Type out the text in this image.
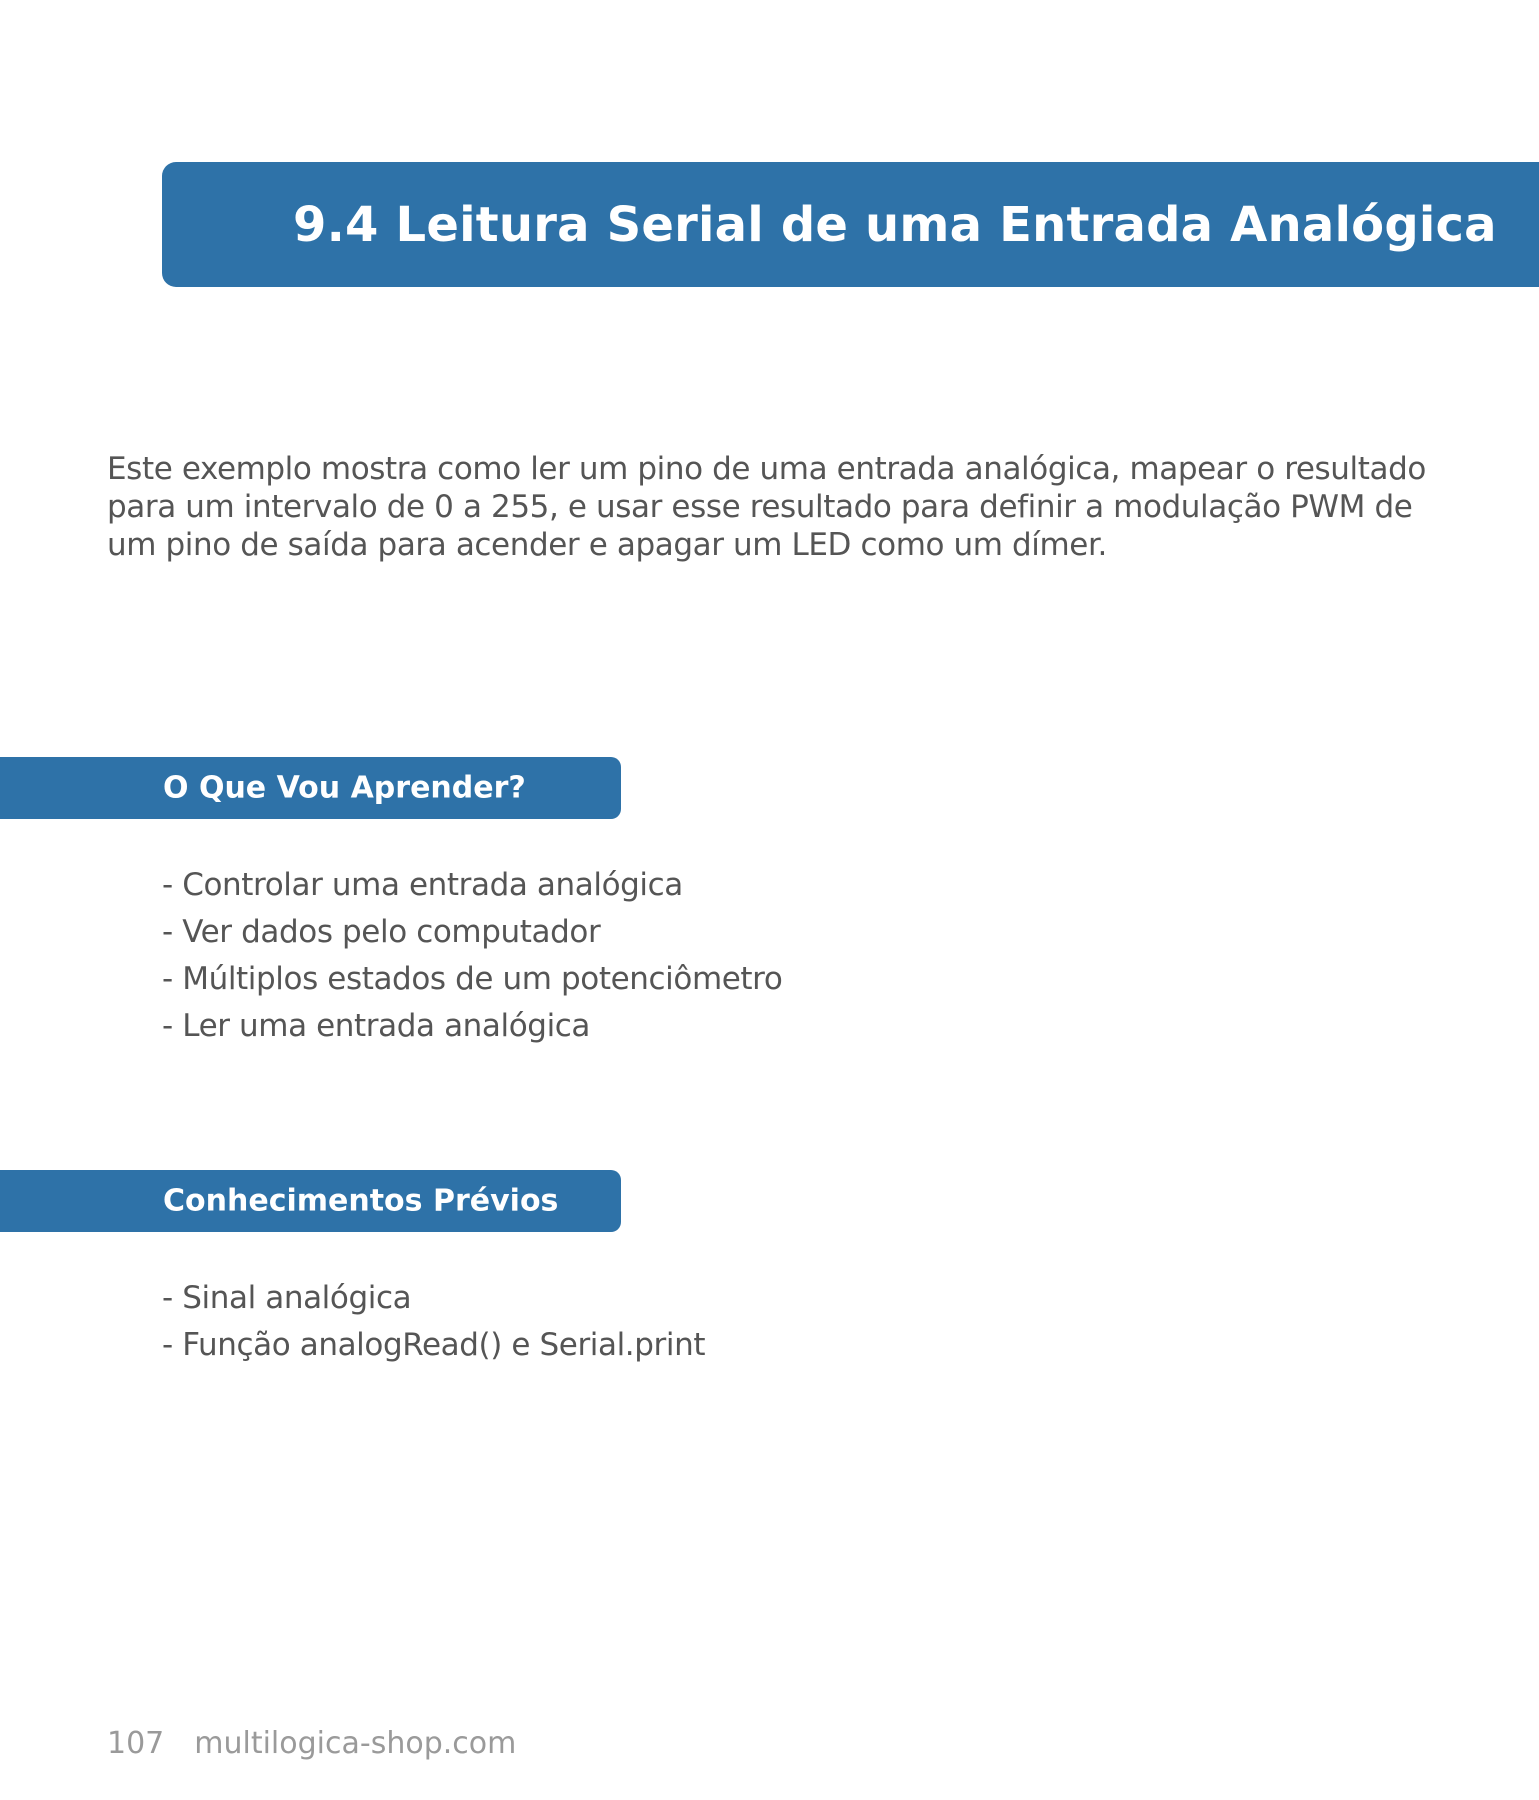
9.4 Leitura Serial de uma Entrada Analógica

Este exemplo mostra como ler um pino de uma entrada analógica, mapear o resultado para um intervalo de 0 a 255, e usar esse resultado para definir a modulação PWM de um pino de saída para acender e apagar um LED como um dímer.

O Que Vou Aprender?
- Controlar uma entrada analógica
- Ver dados pelo computador
- Múltiplos estados de um potenciômetro
- Ler uma entrada analógica
Conhecimentos Prévios
- Sinal analógica
- Função analogRead() e Serial.print
107 multilogica-shop.com
